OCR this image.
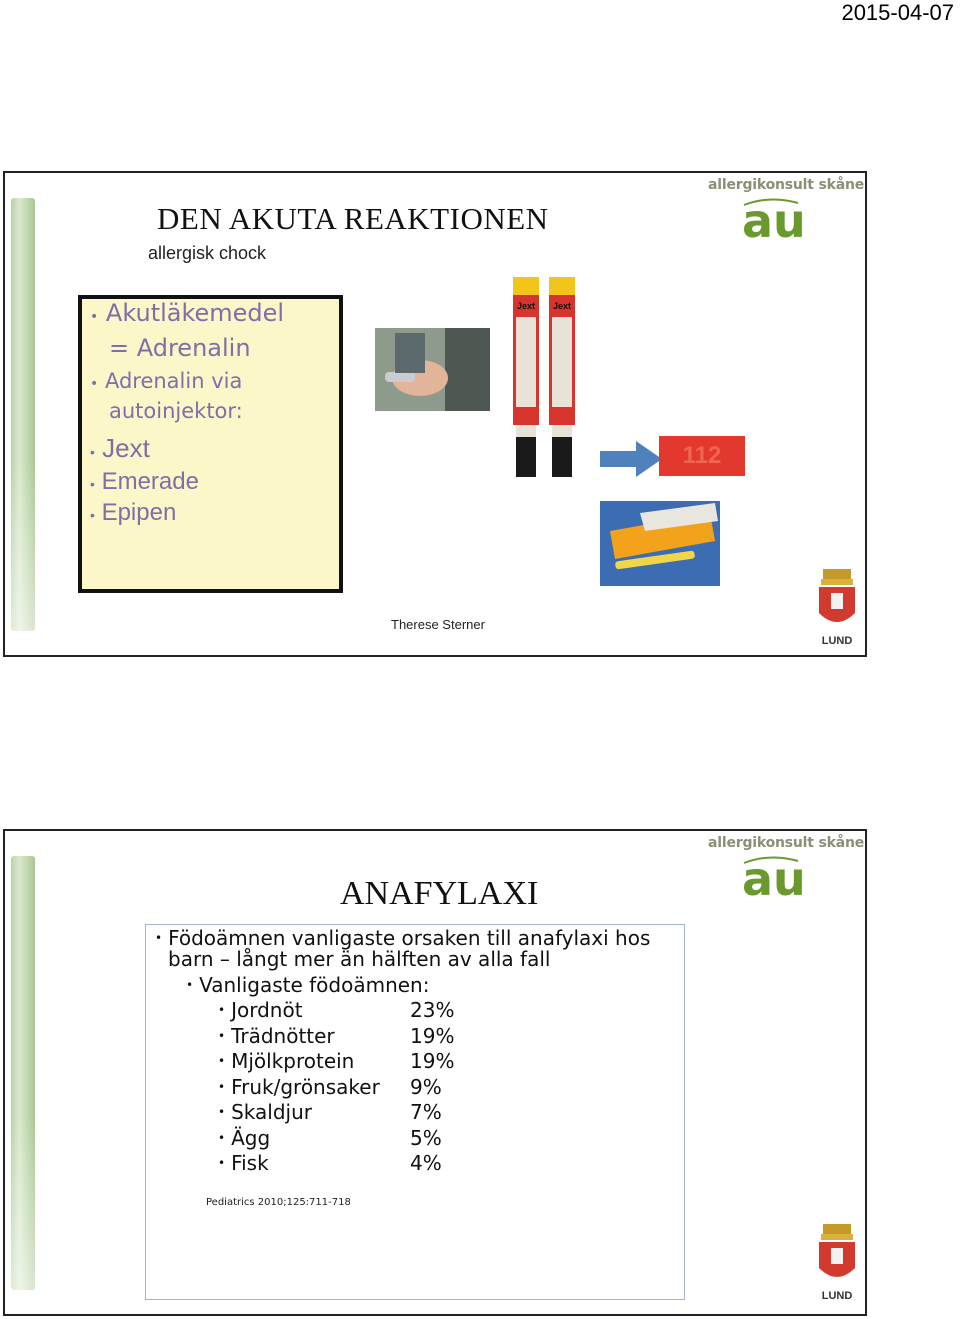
2015-04-07
allergikonsult skåne
au
DEN AKUTA REAKTIONEN
allergisk chock
• Akutläkemedel
= Adrenalin
• Adrenalin via
autoinjektor:
• Jext
• Emerade
• Epipen
Jext Jext
112
Therese Sterner
LUND
allergikonsult skåne
au
ANAFYLAXI
• Födoämnen vanligaste orsaken till anafylaxi hos
barn – långt mer än hälften av alla fall
• Vanligaste födoämnen:
• Jordnöt	23%
• Trädnötter	19%
• Mjölkprotein	19%
• Fruk/grönsaker 9%
• Skaldjur	7%
• Ägg	5%
• Fisk	4%
Pediatrics 2010;125:711-718
LUND
